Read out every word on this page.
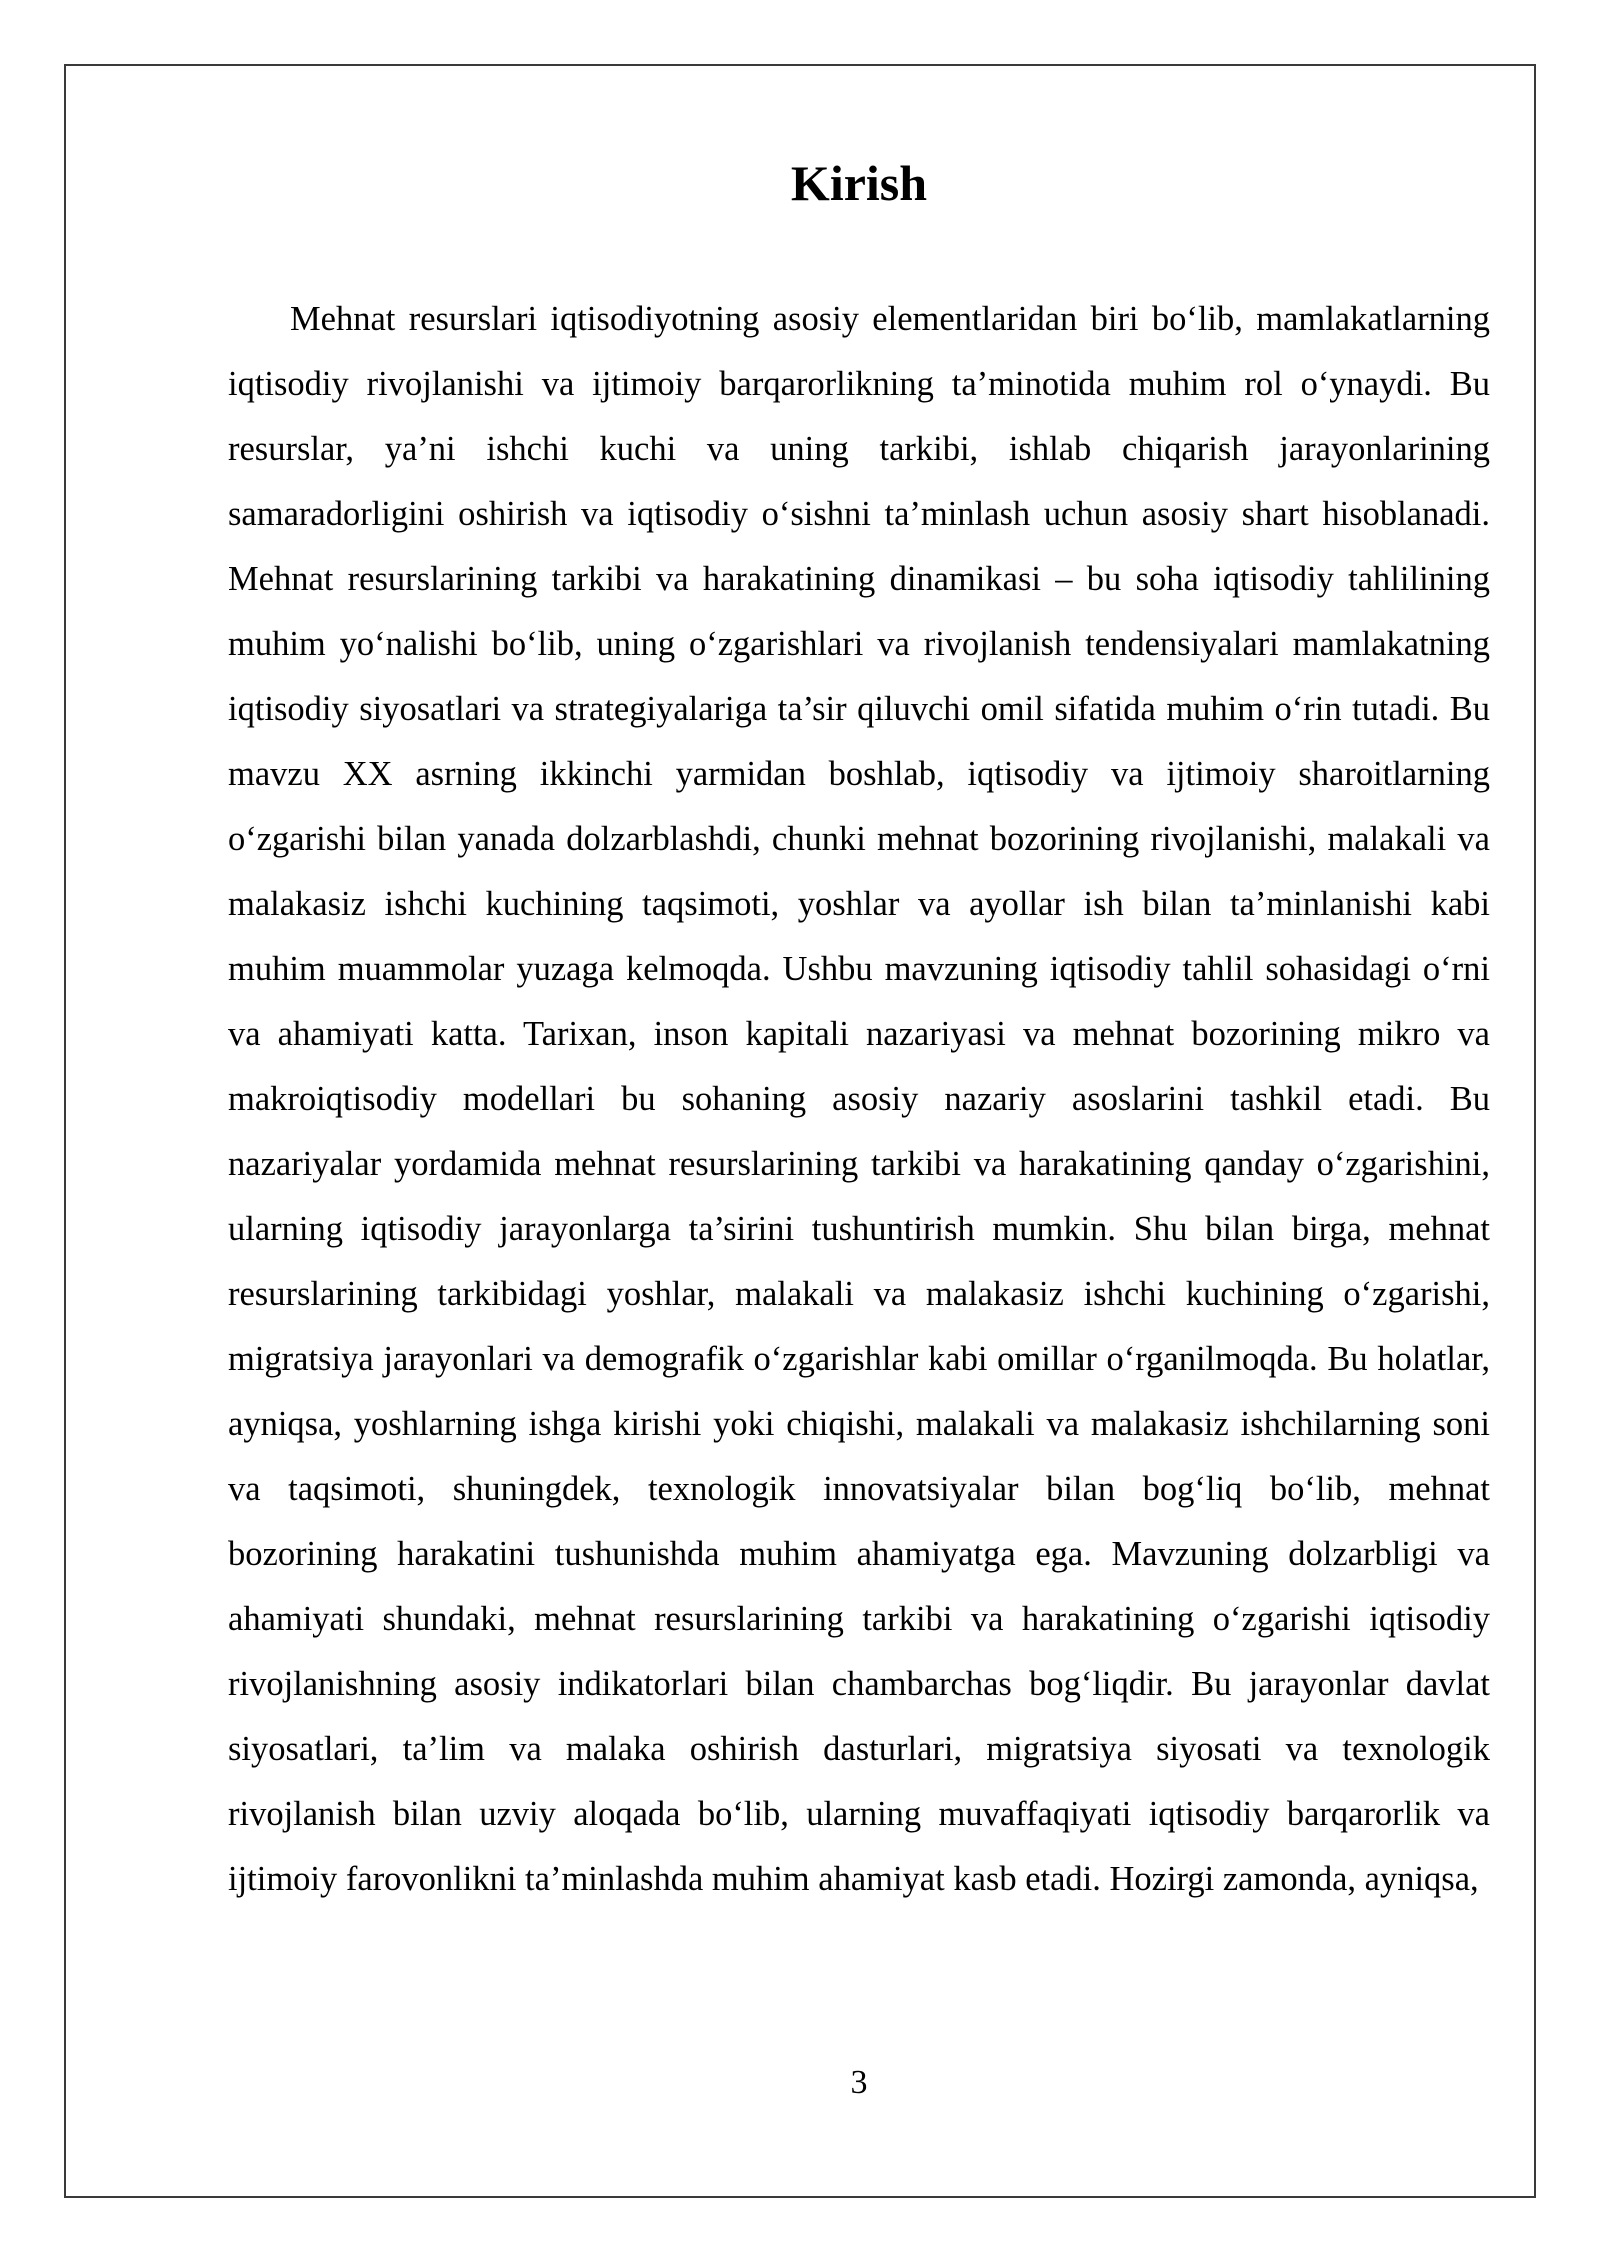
Kirish

Mehnat resurslari iqtisodiyotning asosiy elementlaridan biri bo‘lib, mamlakatlarning iqtisodiy rivojlanishi va ijtimoiy barqarorlikning ta’minotida muhim rol o‘ynaydi. Bu resurslar, ya’ni ishchi kuchi va uning tarkibi, ishlab chiqarish jarayonlarining samaradorligini oshirish va iqtisodiy o‘sishni ta’minlash uchun asosiy shart hisoblanadi. Mehnat resurslarining tarkibi va harakatining dinamikasi – bu soha iqtisodiy tahlilining muhim yo‘nalishi bo‘lib, uning o‘zgarishlari va rivojlanish tendensiyalari mamlakatning iqtisodiy siyosatlari va strategiyalariga ta’sir qiluvchi omil sifatida muhim o‘rin tutadi. Bu mavzu XX asrning ikkinchi yarmidan boshlab, iqtisodiy va ijtimoiy sharoitlarning o‘zgarishi bilan yanada dolzarblashdi, chunki mehnat bozorining rivojlanishi, malakali va malakasiz ishchi kuchining taqsimoti, yoshlar va ayollar ish bilan ta’minlanishi kabi muhim muammolar yuzaga kelmoqda. Ushbu mavzuning iqtisodiy tahlil sohasidagi o‘rni va ahamiyati katta. Tarixan, inson kapitali nazariyasi va mehnat bozorining mikro va makroiqtisodiy modellari bu sohaning asosiy nazariy asoslarini tashkil etadi. Bu nazariyalar yordamida mehnat resurslarining tarkibi va harakatining qanday o‘zgarishini, ularning iqtisodiy jarayonlarga ta’sirini tushuntirish mumkin. Shu bilan birga, mehnat resurslarining tarkibidagi yoshlar, malakali va malakasiz ishchi kuchining o‘zgarishi, migratsiya jarayonlari va demografik o‘zgarishlar kabi omillar o‘rganilmoqda. Bu holatlar, ayniqsa, yoshlarning ishga kirishi yoki chiqishi, malakali va malakasiz ishchilarning soni va taqsimoti, shuningdek, texnologik innovatsiyalar bilan bog‘liq bo‘lib, mehnat bozorining harakatini tushunishda muhim ahamiyatga ega. Mavzuning dolzarbligi va ahamiyati shundaki, mehnat resurslarining tarkibi va harakatining o‘zgarishi iqtisodiy rivojlanishning asosiy indikatorlari bilan chambarchas bog‘liqdir. Bu jarayonlar davlat siyosatlari, ta’lim va malaka oshirish dasturlari, migratsiya siyosati va texnologik rivojlanish bilan uzviy aloqada bo‘lib, ularning muvaffaqiyati iqtisodiy barqarorlik va ijtimoiy farovonlikni ta’minlashda muhim ahamiyat kasb etadi. Hozirgi zamonda, ayniqsa,

3
